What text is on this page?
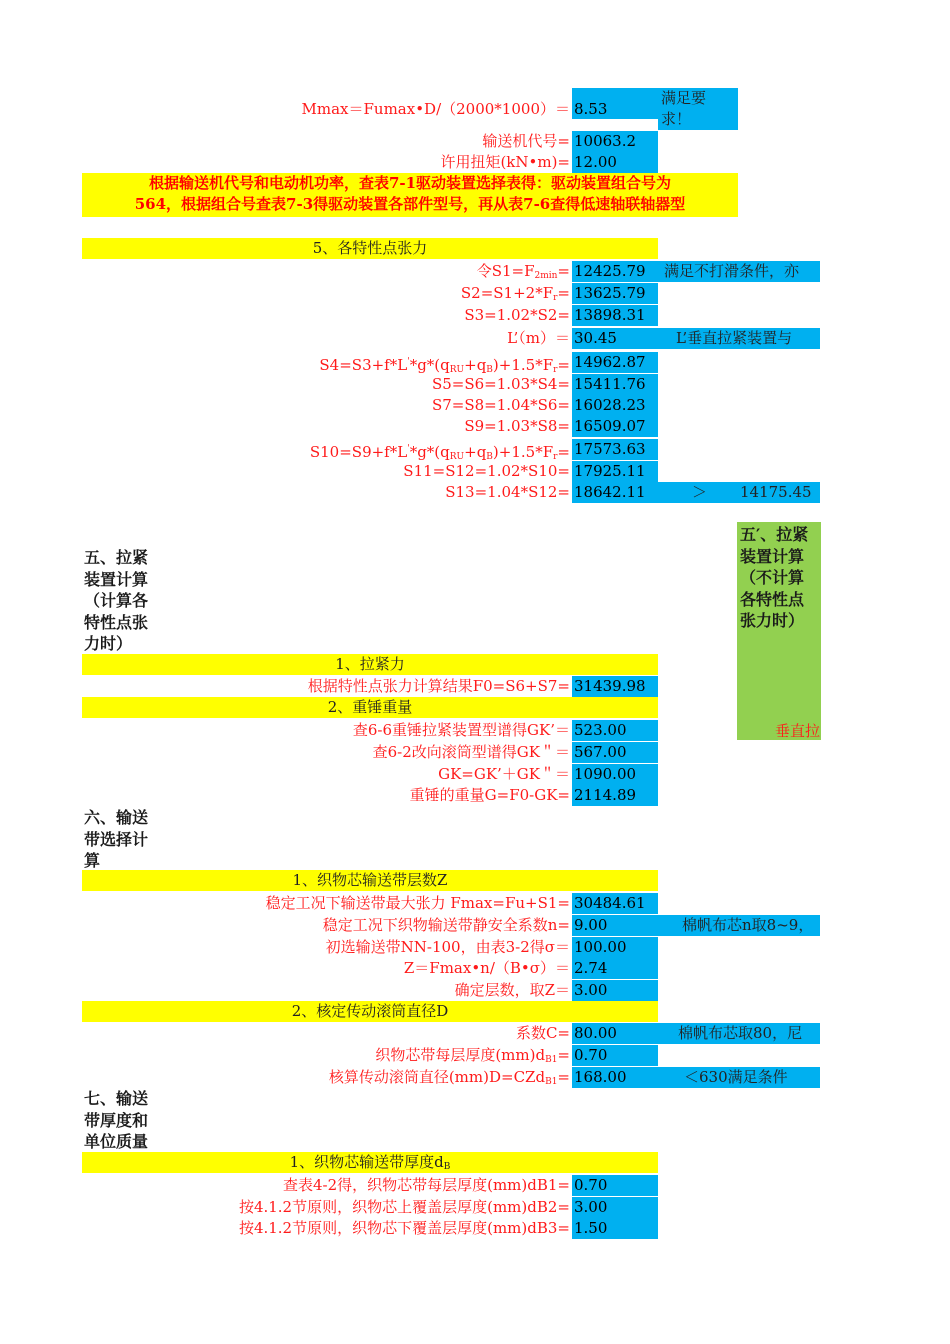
Mmax＝Fumax•D/（2000*1000）＝ 8.53
满足要求！
输送机代号= 10063.2
许用扭矩(kN•m)= 12.00
根据输送机代号和电动机功率，查表7-1驱动装置选择表得：驱动装置组合号为
564，根据组合号查表7-3得驱动装置各部件型号，再从表7-6查得低速轴联轴器型
5、各特性点张力
令$S1=F_{2min}= 12425.79$	满足不打滑条件，亦
$S2=S1+2*F_r= 13625.79$
S3=1.02*S2= 13898.31
L’（m）＝ 30.45	L’垂直拉紧装置与
$S4=S3+f*L'*g*(q_{RU}+q_B)+1.5*F_r= 14962.87$
S5=S6=1.03*S4= 15411.76
S7=S8=1.04*S6= 16028.23
S9=1.03*S8= 16509.07
$S10=S9+f*L'*g*(q_{RU}+q_B)+1.5*F_r= 17573.63$
S11=S12=1.02*S10= 17925.11
S13=1.04*S12= 18642.11	＞ 14175.45
五、拉紧装置计算（计算各特性点张力时）
五′、拉紧装置计算（不计算各特性点张力时）
垂直拉
1、拉紧力
根据特性点张力计算结果F0=S6+S7= 31439.98
2、重锤重量
查6-6重锤拉紧装置型谱得GK’＝ 523.00
查6-2改向滚筒型谱得GK＂＝ 567.00
GK=GK’＋GK＂＝ 1090.00
重锤的重量G=F0-GK= 2114.89
六、输送带选择计算
1、织物芯输送带层数Z
稳定工况下输送带最大张力 Fmax=Fu+S1= 30484.61
稳定工况下织物输送带静安全系数n= 9.00	棉帆布芯n取8~9，
初选输送带NN-100，由表3-2得σ＝ 100.00
Z＝Fmax•n/（B•σ）＝ 2.74
确定层数，取Z＝ 3.00
2、核定传动滚筒直径D
系数C= 80.00	棉帆布芯取80，尼
织物芯带每层厚度$(mm)d_{B1}= 0.70$
核算传动滚筒直径(mm)D=CZd$_{B1}$= 168.00	＜630满足条件
七、输送带厚度和单位质量
1、织物芯输送带厚度$d_B$
查表4-2得，织物芯带每层厚度(mm)dB1= 0.70
按4.1.2节原则，织物芯上覆盖层厚度(mm)dB2= 3.00
按4.1.2节原则，织物芯下覆盖层厚度(mm)dB3= 1.50
